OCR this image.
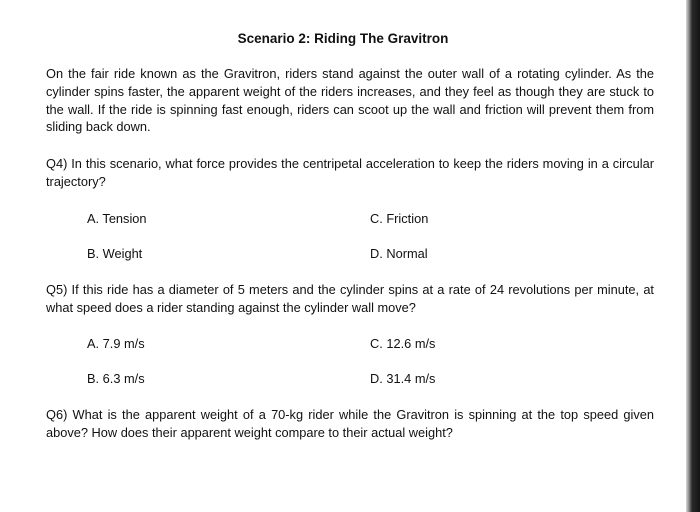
Scenario 2: Riding The Gravitron
On the fair ride known as the Gravitron, riders stand against the outer wall of a rotating cylinder. As the cylinder spins faster, the apparent weight of the riders increases, and they feel as though they are stuck to the wall. If the ride is spinning fast enough, riders can scoot up the wall and friction will prevent them from sliding back down.
Q4) In this scenario, what force provides the centripetal acceleration to keep the riders moving in a circular trajectory?
A. Tension	C. Friction
B. Weight	D. Normal
Q5) If this ride has a diameter of 5 meters and the cylinder spins at a rate of 24 revolutions per minute, at what speed does a rider standing against the cylinder wall move?
A. 7.9 m/s	C. 12.6 m/s
B. 6.3 m/s	D. 31.4 m/s
Q6) What is the apparent weight of a 70-kg rider while the Gravitron is spinning at the top speed given above? How does their apparent weight compare to their actual weight?
